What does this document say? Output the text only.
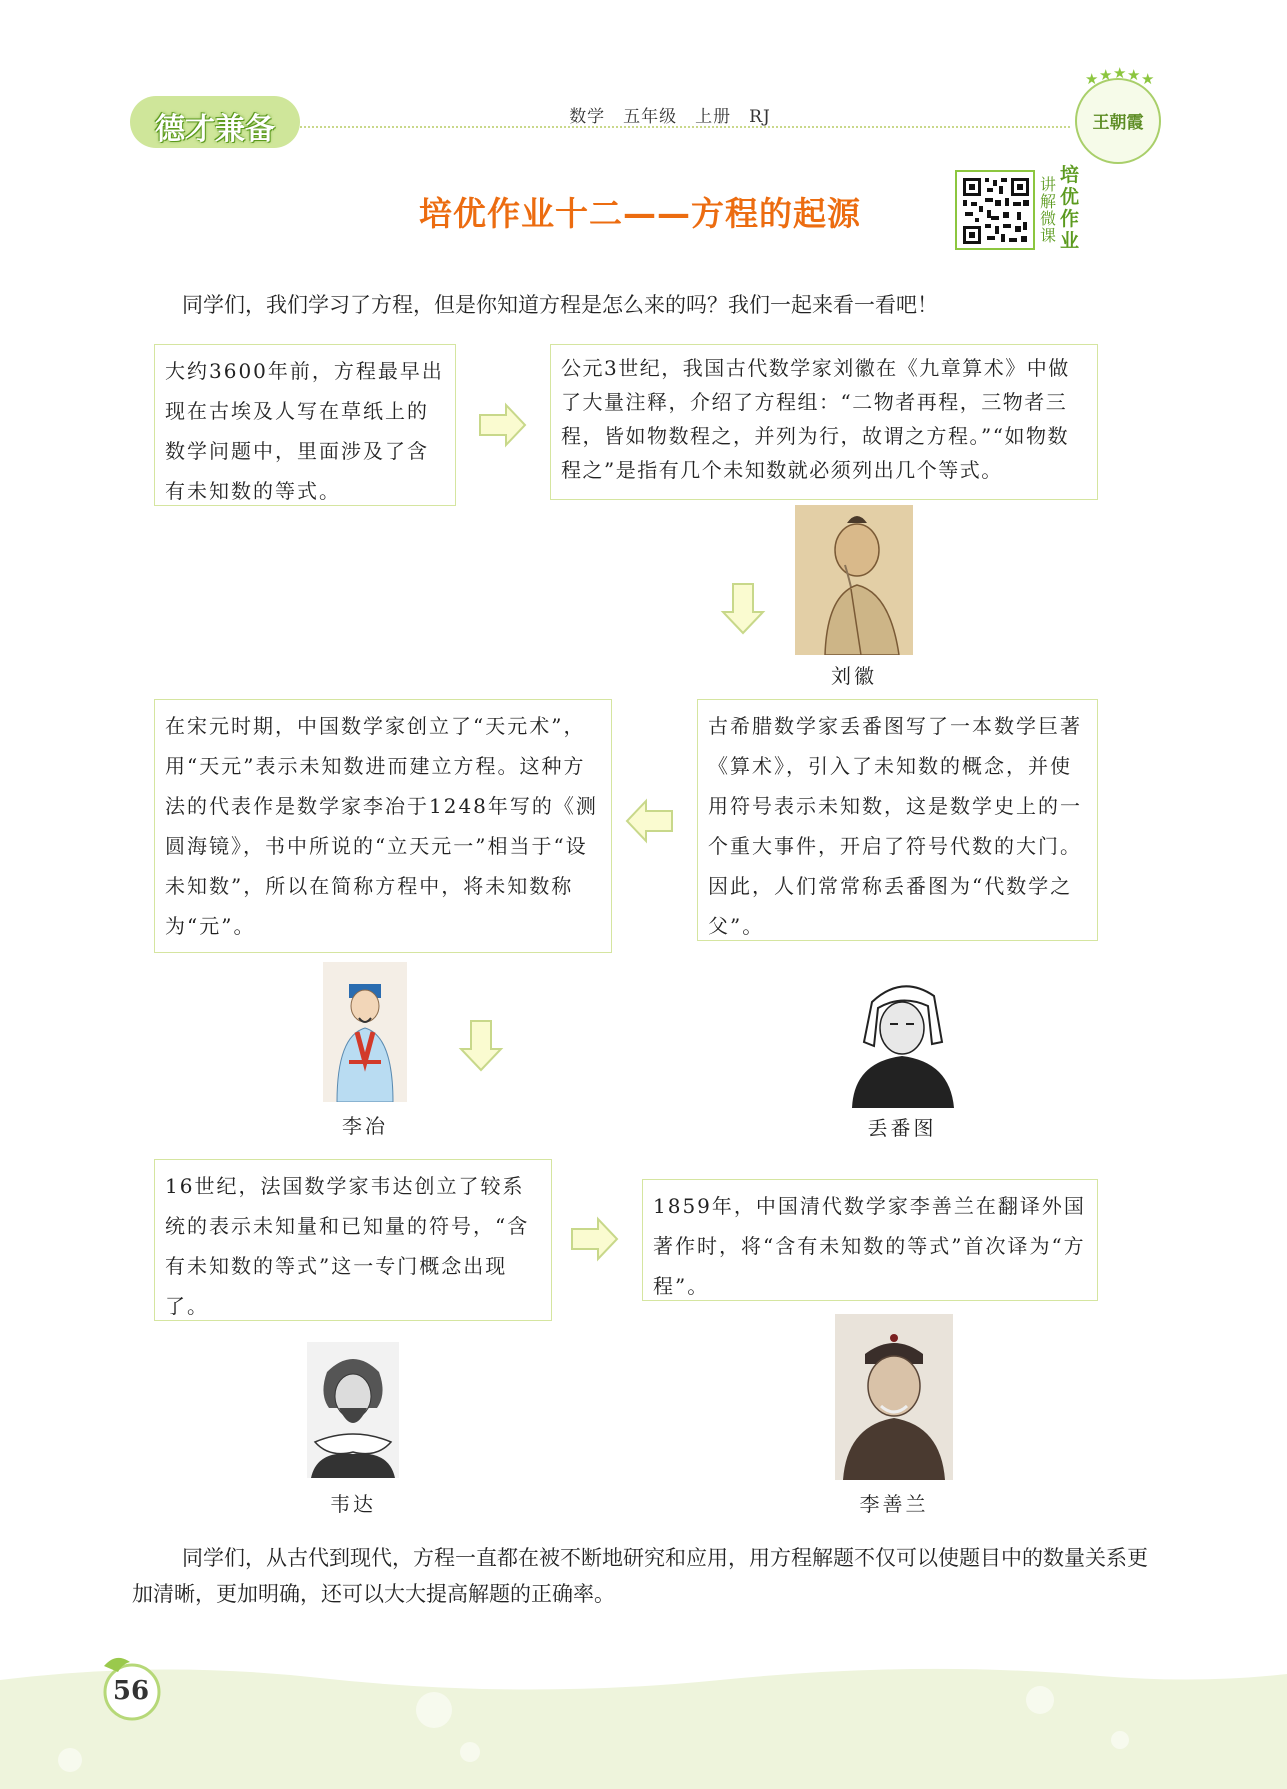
德才兼备	数学　五年级　上册　RJ
★ ★ ★ ★ ★
王朝霞
培优作业十二——方程的起源
讲解微课
培优作业
同学们，我们学习了方程，但是你知道方程是怎么来的吗？我们一起来看一看吧！
大约3600年前，方程最早出现在古埃及人写在草纸上的数学问题中，里面涉及了含有未知数的等式。
公元3世纪，我国古代数学家刘徽在《九章算术》中做了大量注释，介绍了方程组：“二物者再程，三物者三程，皆如物数程之，并列为行，故谓之方程。”“如物数程之”是指有几个未知数就必须列出几个等式。
刘徽
在宋元时期，中国数学家创立了“天元术”，用“天元”表示未知数进而建立方程。这种方法的代表作是数学家李冶于1248年写的《测圆海镜》，书中所说的“立天元一”相当于“设未知数”，所以在简称方程中，将未知数称为“元”。
古希腊数学家丢番图写了一本数学巨著《算术》，引入了未知数的概念，并使用符号表示未知数，这是数学史上的一个重大事件，开启了符号代数的大门。因此，人们常常称丢番图为“代数学之父”。
李冶	丢番图
16世纪，法国数学家韦达创立了较系统的表示未知量和已知量的符号，“含有未知数的等式”这一专门概念出现了。
1859年，中国清代数学家李善兰在翻译外国著作时，将“含有未知数的等式”首次译为“方程”。
韦达	李善兰
同学们，从古代到现代，方程一直都在被不断地研究和应用，用方程解题不仅可以使题目中的数量关系更加清晰，更加明确，还可以大大提高解题的正确率。
56
